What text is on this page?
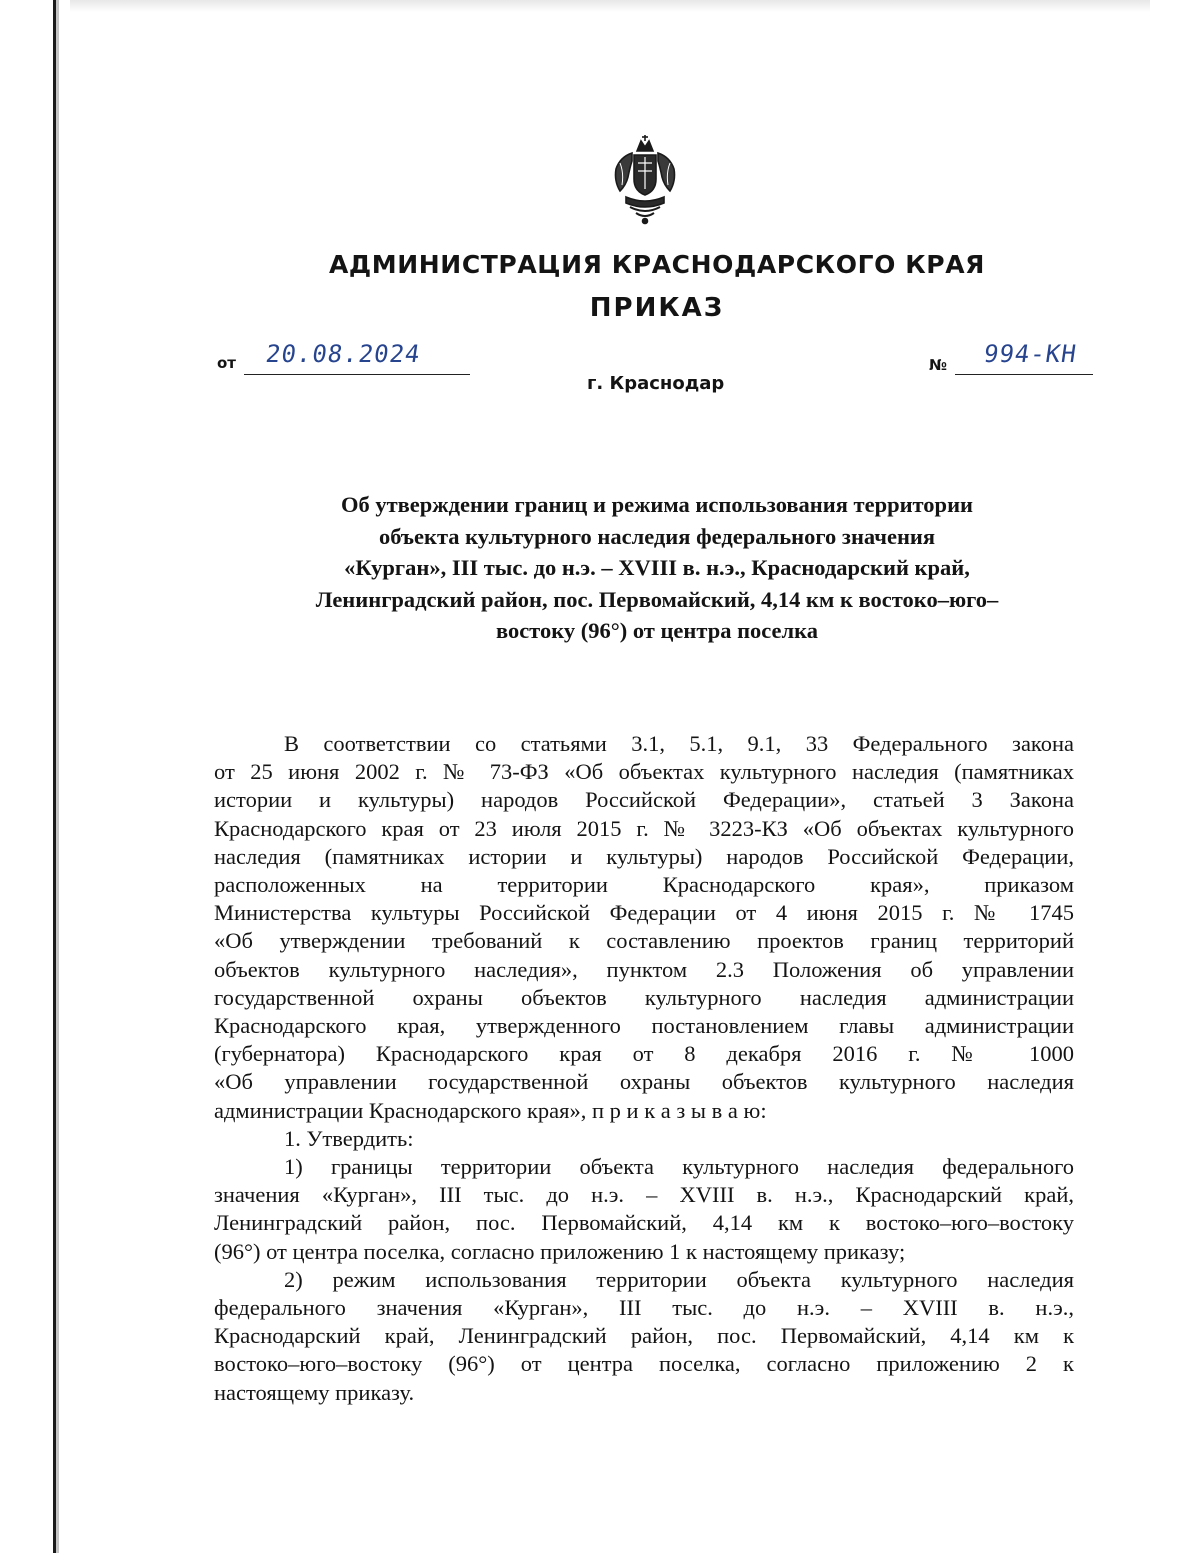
АДМИНИСТРАЦИЯ КРАСНОДАРСКОГО КРАЯ
ПРИКАЗ
от 20.08.2024
г. Краснодар
№ 994-КН
Об утверждении границ и режима использования территории
объекта культурного наследия федерального значения
«Курган», III тыс. до н.э. – XVIII в. н.э., Краснодарский край,
Ленинградский район, пос. Первомайский, 4,14 км к востоко–юго–
востоку (96°) от центра поселка
В соответствии со статьями 3.1, 5.1, 9.1, 33 Федерального закона
от 25 июня 2002 г. № 73-ФЗ «Об объектах культурного наследия (памятниках
истории и культуры) народов Российской Федерации», статьей 3 Закона
Краснодарского края от 23 июля 2015 г. № 3223-КЗ «Об объектах культурного
наследия (памятниках истории и культуры) народов Российской Федерации,
расположенных на территории Краснодарского края», приказом
Министерства культуры Российской Федерации от 4 июня 2015 г. № 1745
«Об утверждении требований к составлению проектов границ территорий
объектов культурного наследия», пунктом 2.3 Положения об управлении
государственной охраны объектов культурного наследия администрации
Краснодарского края, утвержденного постановлением главы администрации
(губернатора) Краснодарского края от 8 декабря 2016 г. № 1000
«Об управлении государственной охраны объектов культурного наследия
администрации Краснодарского края», п р и к а з ы в а ю:
1. Утвердить:
1) границы территории объекта культурного наследия федерального
значения «Курган», III тыс. до н.э. – XVIII в. н.э., Краснодарский край,
Ленинградский район, пос. Первомайский, 4,14 км к востоко–юго–востоку
(96°) от центра поселка, согласно приложению 1 к настоящему приказу;
2) режим использования территории объекта культурного наследия
федерального значения «Курган», III тыс. до н.э. – XVIII в. н.э.,
Краснодарский край, Ленинградский район, пос. Первомайский, 4,14 км к
востоко–юго–востоку (96°) от центра поселка, согласно приложению 2 к
настоящему приказу.
